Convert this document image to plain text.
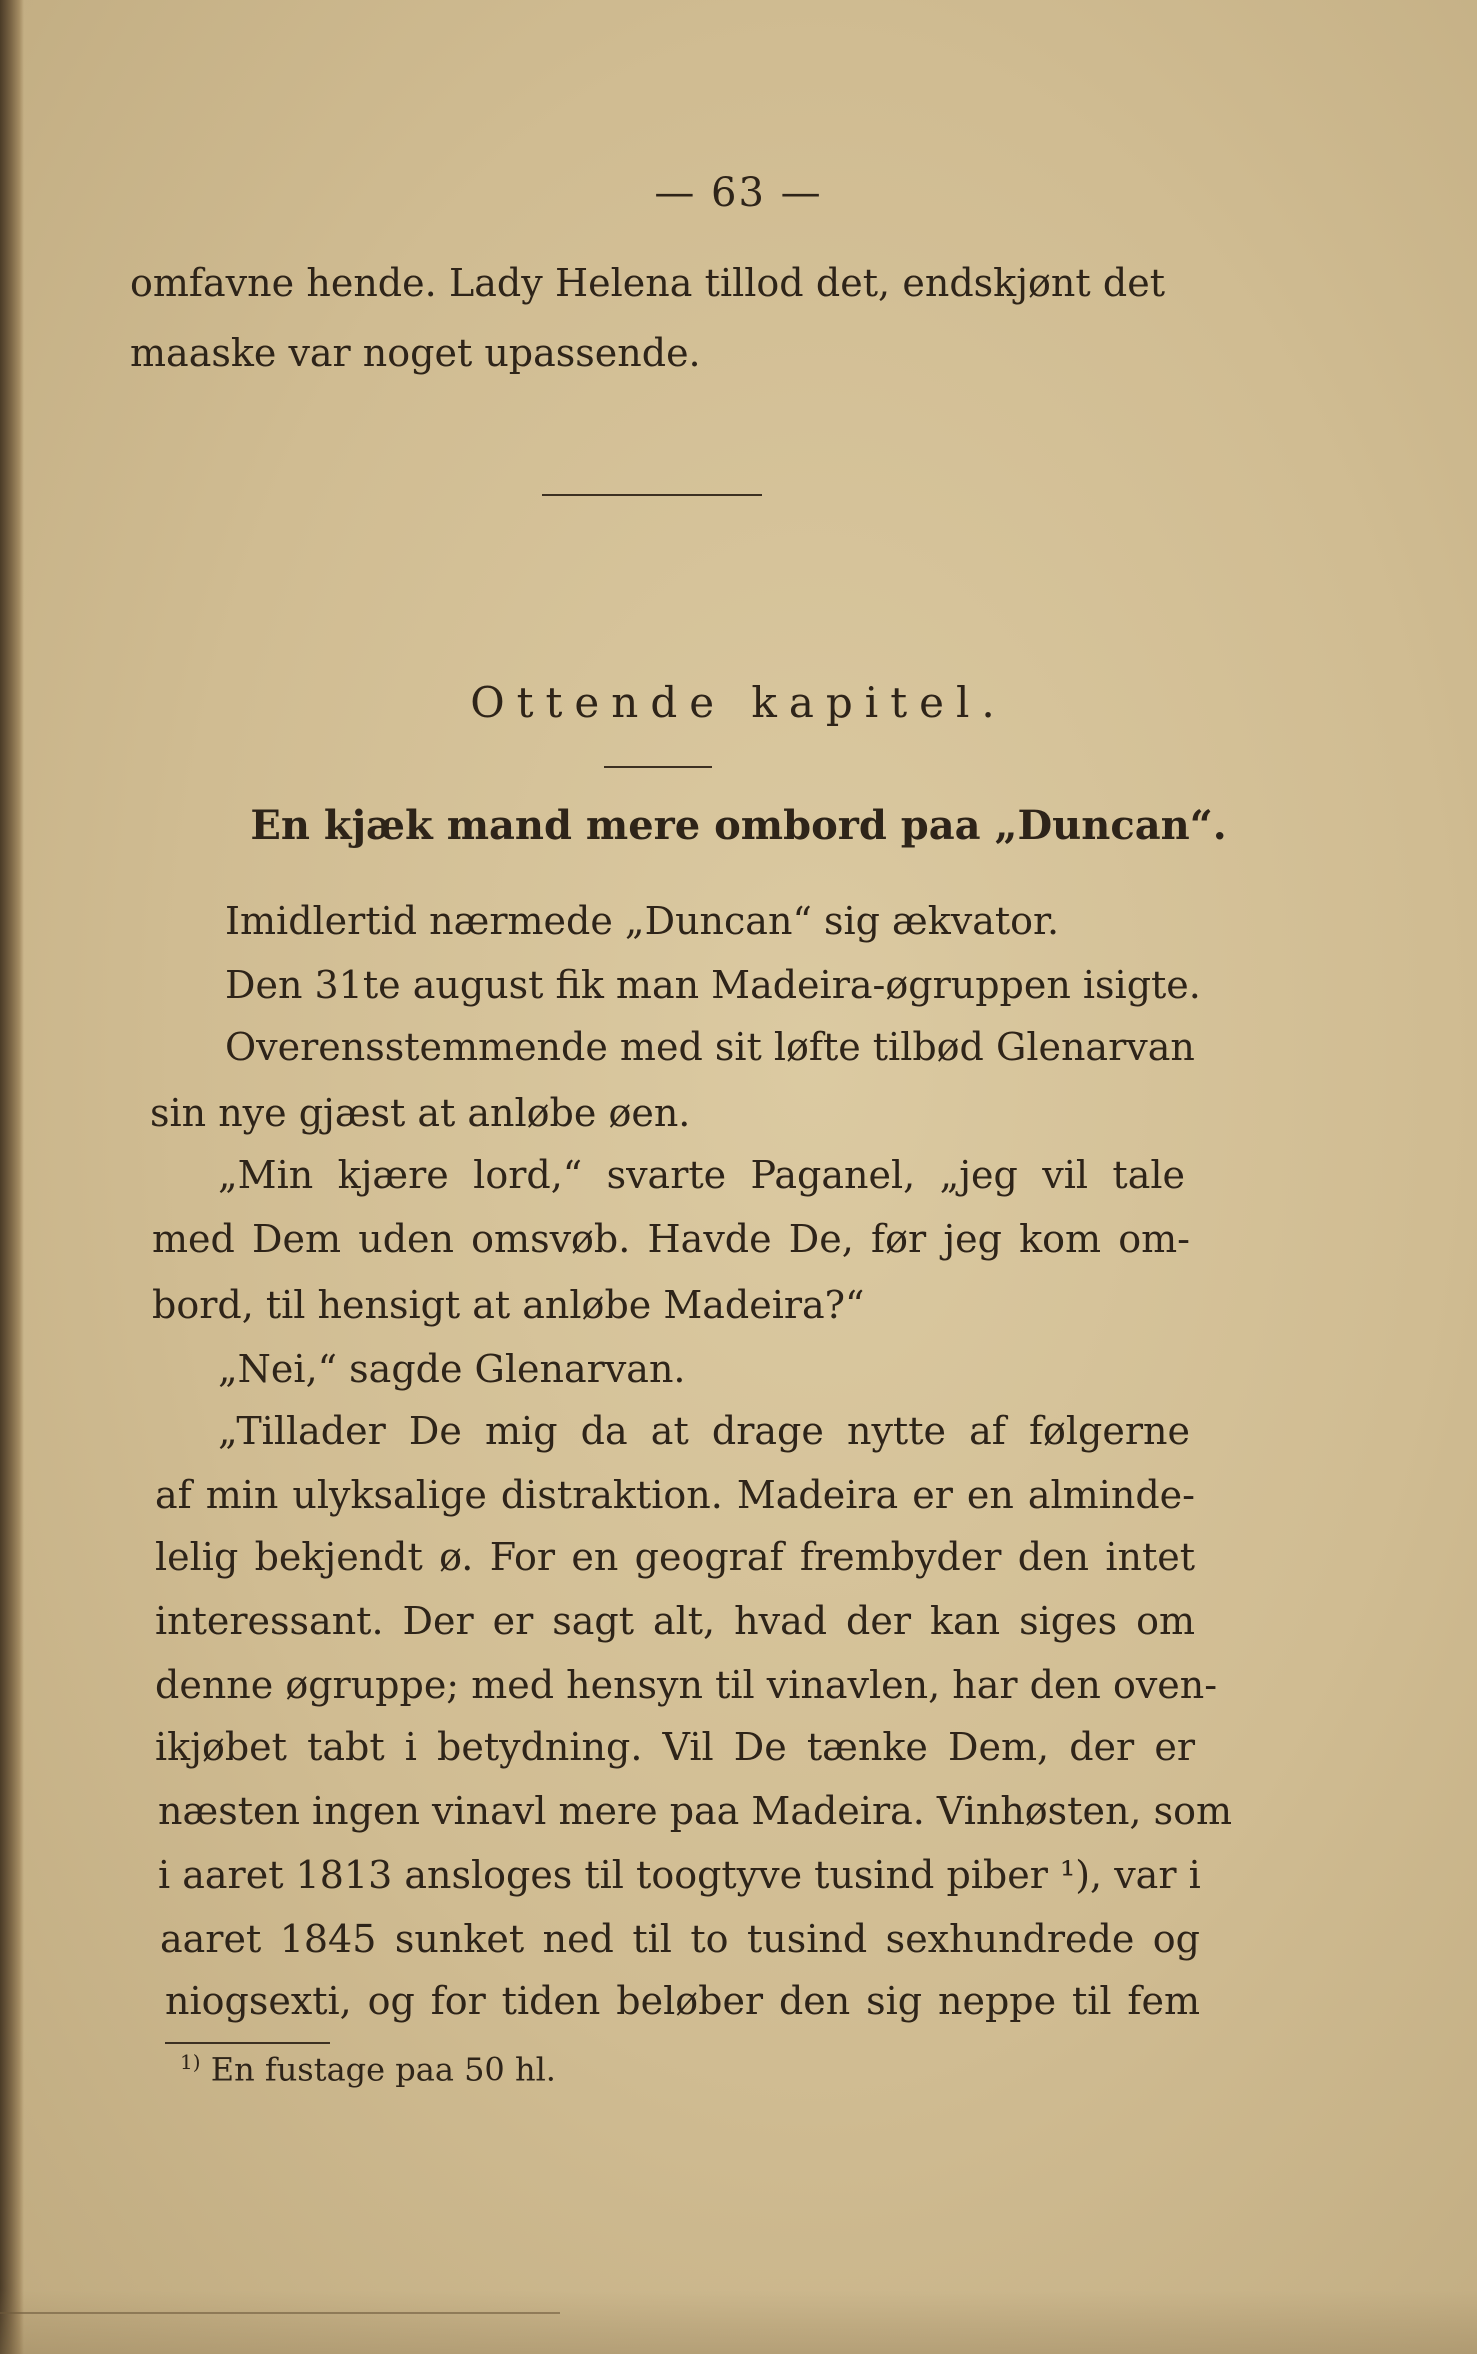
— 63 —
omfavne hende. Lady Helena tillod det, endskjønt det
maaske var noget upassende.
Ottende kapitel.
En kjæk mand mere ombord paa „Duncan“.
Imidlertid nærmede „Duncan“ sig ækvator.
Den 31te august fik man Madeira-øgruppen isigte.
Overensstemmende med sit løfte tilbød Glenarvan
sin nye gjæst at anløbe øen.
„Min kjære lord,“ svarte Paganel, „jeg vil tale
med Dem uden omsvøb. Havde De, før jeg kom om-
bord, til hensigt at anløbe Madeira?“
„Nei,“ sagde Glenarvan.
„Tillader De mig da at drage nytte af følgerne
af min ulyksalige distraktion. Madeira er en alminde-
lelig bekjendt ø. For en geograf frembyder den intet
interessant. Der er sagt alt, hvad der kan siges om
denne øgruppe; med hensyn til vinavlen, har den oven-
ikjøbet tabt i betydning. Vil De tænke Dem, der er
næsten ingen vinavl mere paa Madeira. Vinhøsten, som
i aaret 1813 ansloges til toogtyve tusind piber ¹), var i
aaret 1845 sunket ned til to tusind sexhundrede og
niogsexti, og for tiden beløber den sig neppe til fem
$^{1)}$ En fustage paa 50 hl.
